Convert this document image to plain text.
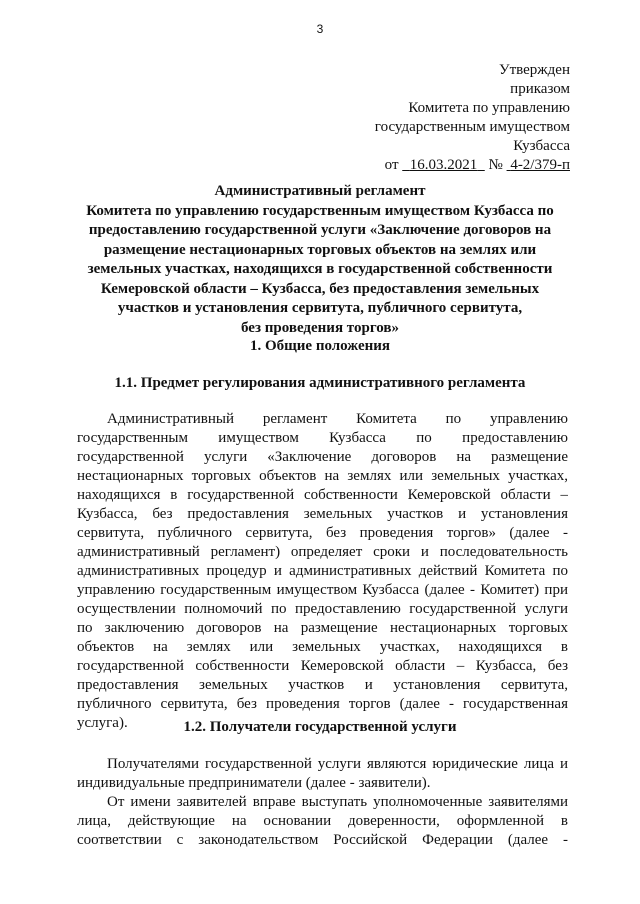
3
Утвержден
приказом
Комитета по управлению
государственным имуществом
Кузбасса
от 16.03.2021 № 4-2/379-п
Административный регламент
Комитета по управлению государственным имуществом Кузбасса по
предоставлению государственной услуги «Заключение договоров на
размещение нестационарных торговых объектов на землях или
земельных участках, находящихся в государственной собственности
Кемеровской области – Кузбасса, без предоставления земельных
участков и установления сервитута, публичного сервитута,
без проведения торгов»
1. Общие положения
1.1. Предмет регулирования административного регламента
Административный регламент Комитета по управлению
государственным имуществом Кузбасса по предоставлению
государственной услуги «Заключение договоров на размещение
нестационарных торговых объектов на землях или земельных участках,
находящихся в государственной собственности Кемеровской области –
Кузбасса, без предоставления земельных участков и установления
сервитута, публичного сервитута, без проведения торгов» (далее -
административный регламент) определяет сроки и последовательность
административных процедур и административных действий Комитета по
управлению государственным имуществом Кузбасса (далее - Комитет) при
осуществлении полномочий по предоставлению государственной услуги
по заключению договоров на размещение нестационарных торговых
объектов на землях или земельных участках, находящихся в
государственной собственности Кемеровской области – Кузбасса, без
предоставления земельных участков и установления сервитута,
публичного сервитута, без проведения торгов (далее - государственная
услуга).	1.2. Получатели государственной услуги
Получателями государственной услуги являются юридические лица и
индивидуальные предприниматели (далее - заявители).
От имени заявителей вправе выступать уполномоченные заявителями
лица, действующие на основании доверенности, оформленной в
соответствии с законодательством Российской Федерации (далее -
